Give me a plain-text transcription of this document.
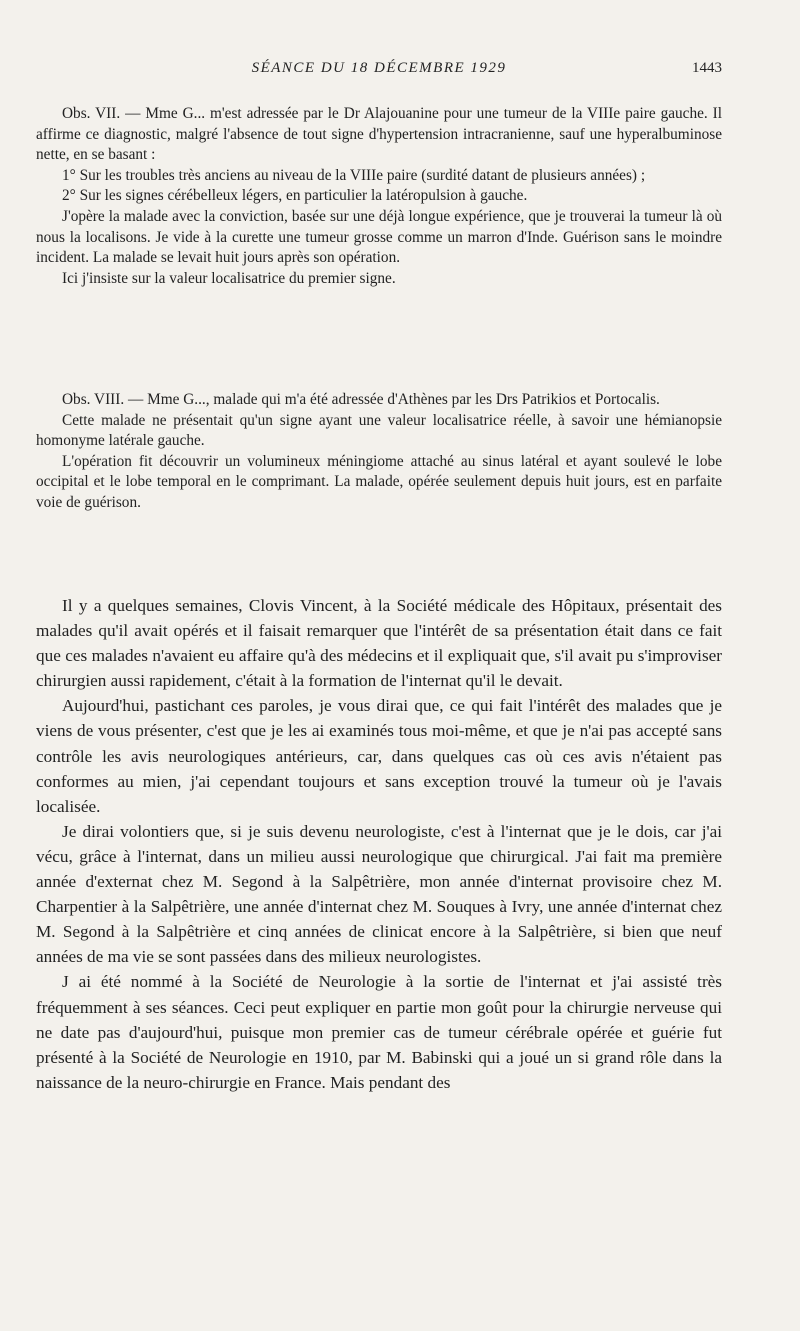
SÉANCE DU 18 DÉCEMBRE 1929	1443

Obs. VII. — Mme G... m'est adressée par le Dr Alajouanine pour une tumeur de la VIIIe paire gauche. Il affirme ce diagnostic, malgré l'absence de tout signe d'hypertension intracranienne, sauf une hyperalbuminose nette, en se basant :

1° Sur les troubles très anciens au niveau de la VIIIe paire (surdité datant de plusieurs années) ;

2° Sur les signes cérébelleux légers, en particulier la latéropulsion à gauche.

J'opère la malade avec la conviction, basée sur une déjà longue expérience, que je trouverai la tumeur là où nous la localisons. Je vide à la curette une tumeur grosse comme un marron d'Inde. Guérison sans le moindre incident. La malade se levait huit jours après son opération.

Ici j'insiste sur la valeur localisatrice du premier signe.

Obs. VIII. — Mme G..., malade qui m'a été adressée d'Athènes par les Drs Patrikios et Portocalis.

Cette malade ne présentait qu'un signe ayant une valeur localisatrice réelle, à savoir une hémianopsie homonyme latérale gauche.

L'opération fit découvrir un volumineux méningiome attaché au sinus latéral et ayant soulevé le lobe occipital et le lobe temporal en le comprimant. La malade, opérée seulement depuis huit jours, est en parfaite voie de guérison.

Il y a quelques semaines, Clovis Vincent, à la Société médicale des Hôpitaux, présentait des malades qu'il avait opérés et il faisait remarquer que l'intérêt de sa présentation était dans ce fait que ces malades n'avaient eu affaire qu'à des médecins et il expliquait que, s'il avait pu s'improviser chirurgien aussi rapidement, c'était à la formation de l'internat qu'il le devait.

Aujourd'hui, pastichant ces paroles, je vous dirai que, ce qui fait l'intérêt des malades que je viens de vous présenter, c'est que je les ai examinés tous moi-même, et que je n'ai pas accepté sans contrôle les avis neurologiques antérieurs, car, dans quelques cas où ces avis n'étaient pas conformes au mien, j'ai cependant toujours et sans exception trouvé la tumeur où je l'avais localisée.

Je dirai volontiers que, si je suis devenu neurologiste, c'est à l'internat que je le dois, car j'ai vécu, grâce à l'internat, dans un milieu aussi neurologique que chirurgical. J'ai fait ma première année d'externat chez M. Segond à la Salpêtrière, mon année d'internat provisoire chez M. Charpentier à la Salpêtrière, une année d'internat chez M. Souques à Ivry, une année d'internat chez M. Segond à la Salpêtrière et cinq années de clinicat encore à la Salpêtrière, si bien que neuf années de ma vie se sont passées dans des milieux neurologistes.

J ai été nommé à la Société de Neurologie à la sortie de l'internat et j'ai assisté très fréquemment à ses séances. Ceci peut expliquer en partie mon goût pour la chirurgie nerveuse qui ne date pas d'aujourd'hui, puisque mon premier cas de tumeur cérébrale opérée et guérie fut présenté à la Société de Neurologie en 1910, par M. Babinski qui a joué un si grand rôle dans la naissance de la neuro-chirurgie en France. Mais pendant des
